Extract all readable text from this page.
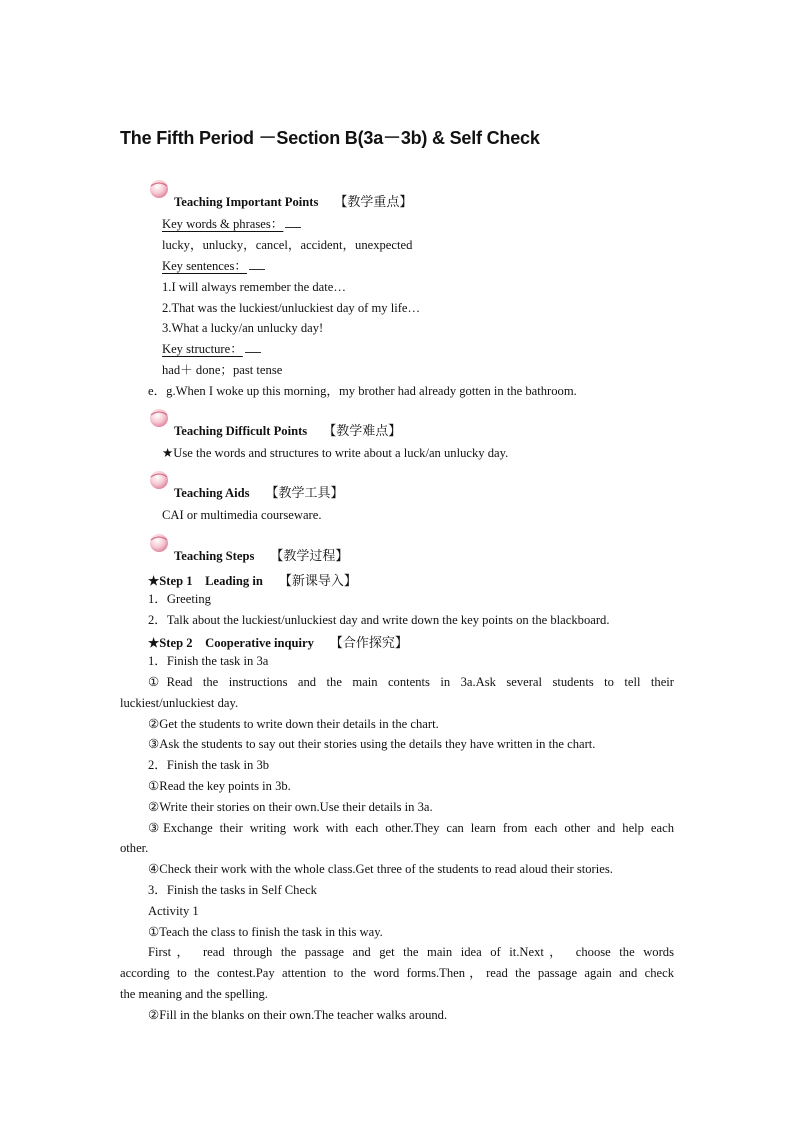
The Fifth Period －Section B(3a－3b) & Self Check
Teaching Important Points 【教学重点】
Key words & phrases：
lucky，unlucky，cancel，accident，unexpected
Key sentences：
1.I will always remember the date…
2.That was the luckiest/unluckiest day of my life…
3.What a lucky/an unlucky day!
Key structure：
had＋ done；past tense
e．g.When I woke up this morning，my brother had already gotten in the bathroom.
Teaching Difficult Points 【教学难点】
★Use the words and structures to write about a luck/an unlucky day.
Teaching Aids 【教学工具】
CAI or multimedia courseware.
Teaching Steps 【教学过程】
★Step 1　Leading in 【新课导入】
1．Greeting
2．Talk about the luckiest/unluckiest day and write down the key points on the blackboard.
★Step 2　Cooperative inquiry 【合作探究】
1．Finish the task in 3a
①Read the instructions and the main contents in 3a.Ask several students to tell their
luckiest/unluckiest day.
②Get the students to write down their details in the chart.
③Ask the students to say out their stories using the details they have written in the chart.
2．Finish the task in 3b
①Read the key points in 3b.
②Write their stories on their own.Use their details in 3a.
③Exchange their writing work with each other.They can learn from each other and help each
other.
④Check their work with the whole class.Get three of the students to read aloud their stories.
3．Finish the tasks in Self Check
Activity 1
①Teach the class to finish the task in this way.
First， read through the passage and get the main idea of it.Next， choose the words
according to the contest.Pay attention to the word forms.Then，read the passage again and check
the meaning and the spelling.
②Fill in the blanks on their own.The teacher walks around.
